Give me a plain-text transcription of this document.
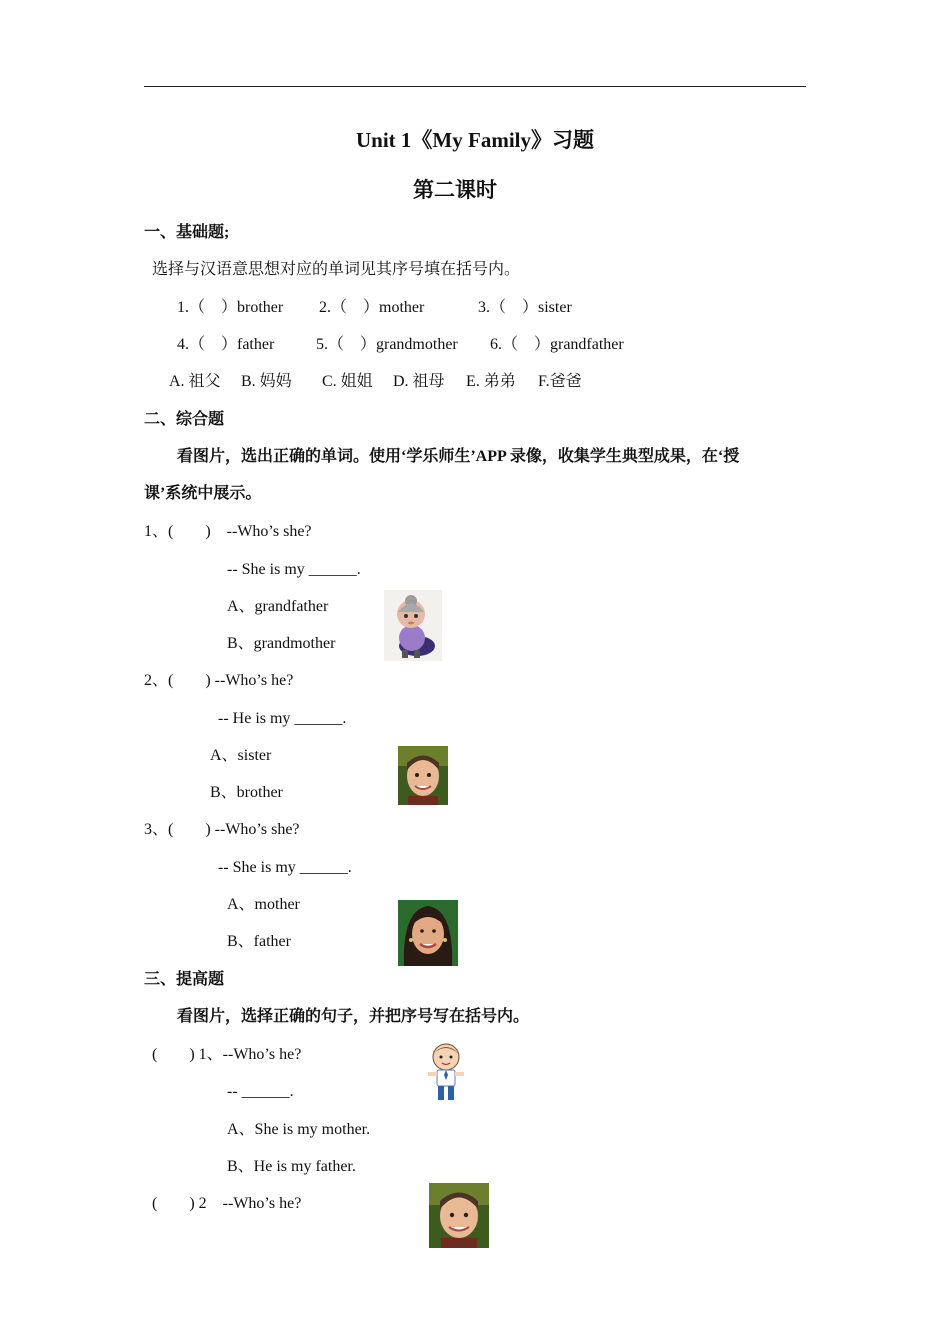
Unit 1《My Family》习题
第二课时
一、基础题;
选择与汉语意思想对应的单词见其序号填在括号内。
1.（　）brother 2.（　）mother	3.（　）sister
4.（　）father	5.（　）grandmother 6.（　）grandfather
A. 祖父 B. 妈妈 C. 姐姐 D. 祖母 E. 弟弟 F.爸爸
二、综合题
看图片，选出正确的单词。使用‘学乐师生’APP 录像，收集学生典型成果，在‘授
课’系统中展示。
1、(　　)　--Who’s she?
-- She is my ______.
A、grandfather
B、grandmother
2、(　　) --Who’s he?
-- He is my ______.
A、sister
B、brother
3、(　　) --Who’s she?
-- She is my ______.
A、mother
B、father
三、提高题
看图片，选择正确的句子，并把序号写在括号内。
(　　) 1、--Who’s he?
-- ______.
A、She is my mother.
B、He is my father.
(　　) 2　--Who’s he?
